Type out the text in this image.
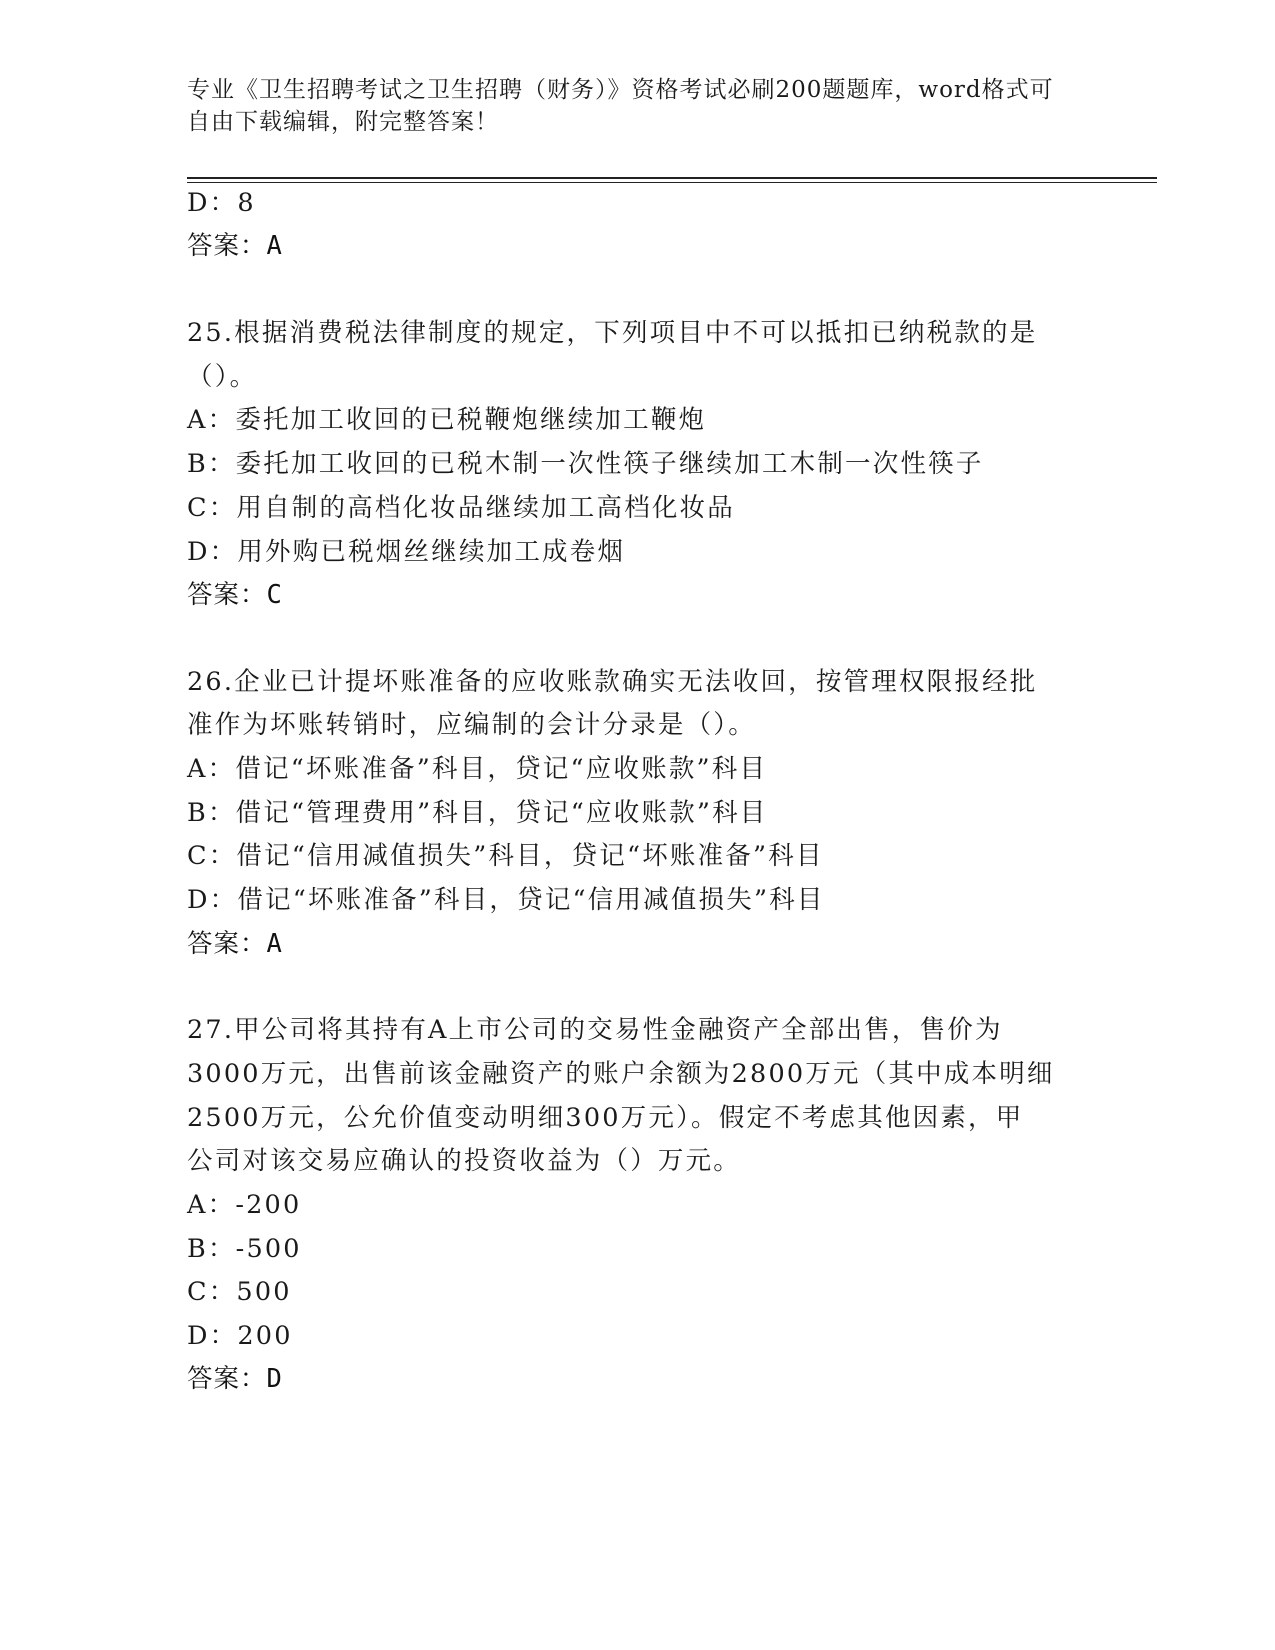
专业《卫生招聘考试之卫生招聘（财务）》资格考试必刷200题题库，word格式可自由下载编辑，附完整答案！
D：8
答案：A
25.根据消费税法律制度的规定，下列项目中不可以抵扣已纳税款的是
（）。
A：委托加工收回的已税鞭炮继续加工鞭炮
B：委托加工收回的已税木制一次性筷子继续加工木制一次性筷子
C：用自制的高档化妆品继续加工高档化妆品
D：用外购已税烟丝继续加工成卷烟
答案：C
26.企业已计提坏账准备的应收账款确实无法收回，按管理权限报经批
准作为坏账转销时，应编制的会计分录是（）。
A：借记“坏账准备”科目，贷记“应收账款”科目
B：借记“管理费用”科目，贷记“应收账款”科目
C：借记“信用减值损失”科目，贷记“坏账准备”科目
D：借记“坏账准备”科目，贷记“信用减值损失”科目
答案：A
27.甲公司将其持有A上市公司的交易性金融资产全部出售，售价为
3000万元，出售前该金融资产的账户余额为2800万元（其中成本明细
2500万元，公允价值变动明细300万元）。假定不考虑其他因素，甲
公司对该交易应确认的投资收益为（）万元。
A：-200
B：-500
C：500
D：200
答案：D
